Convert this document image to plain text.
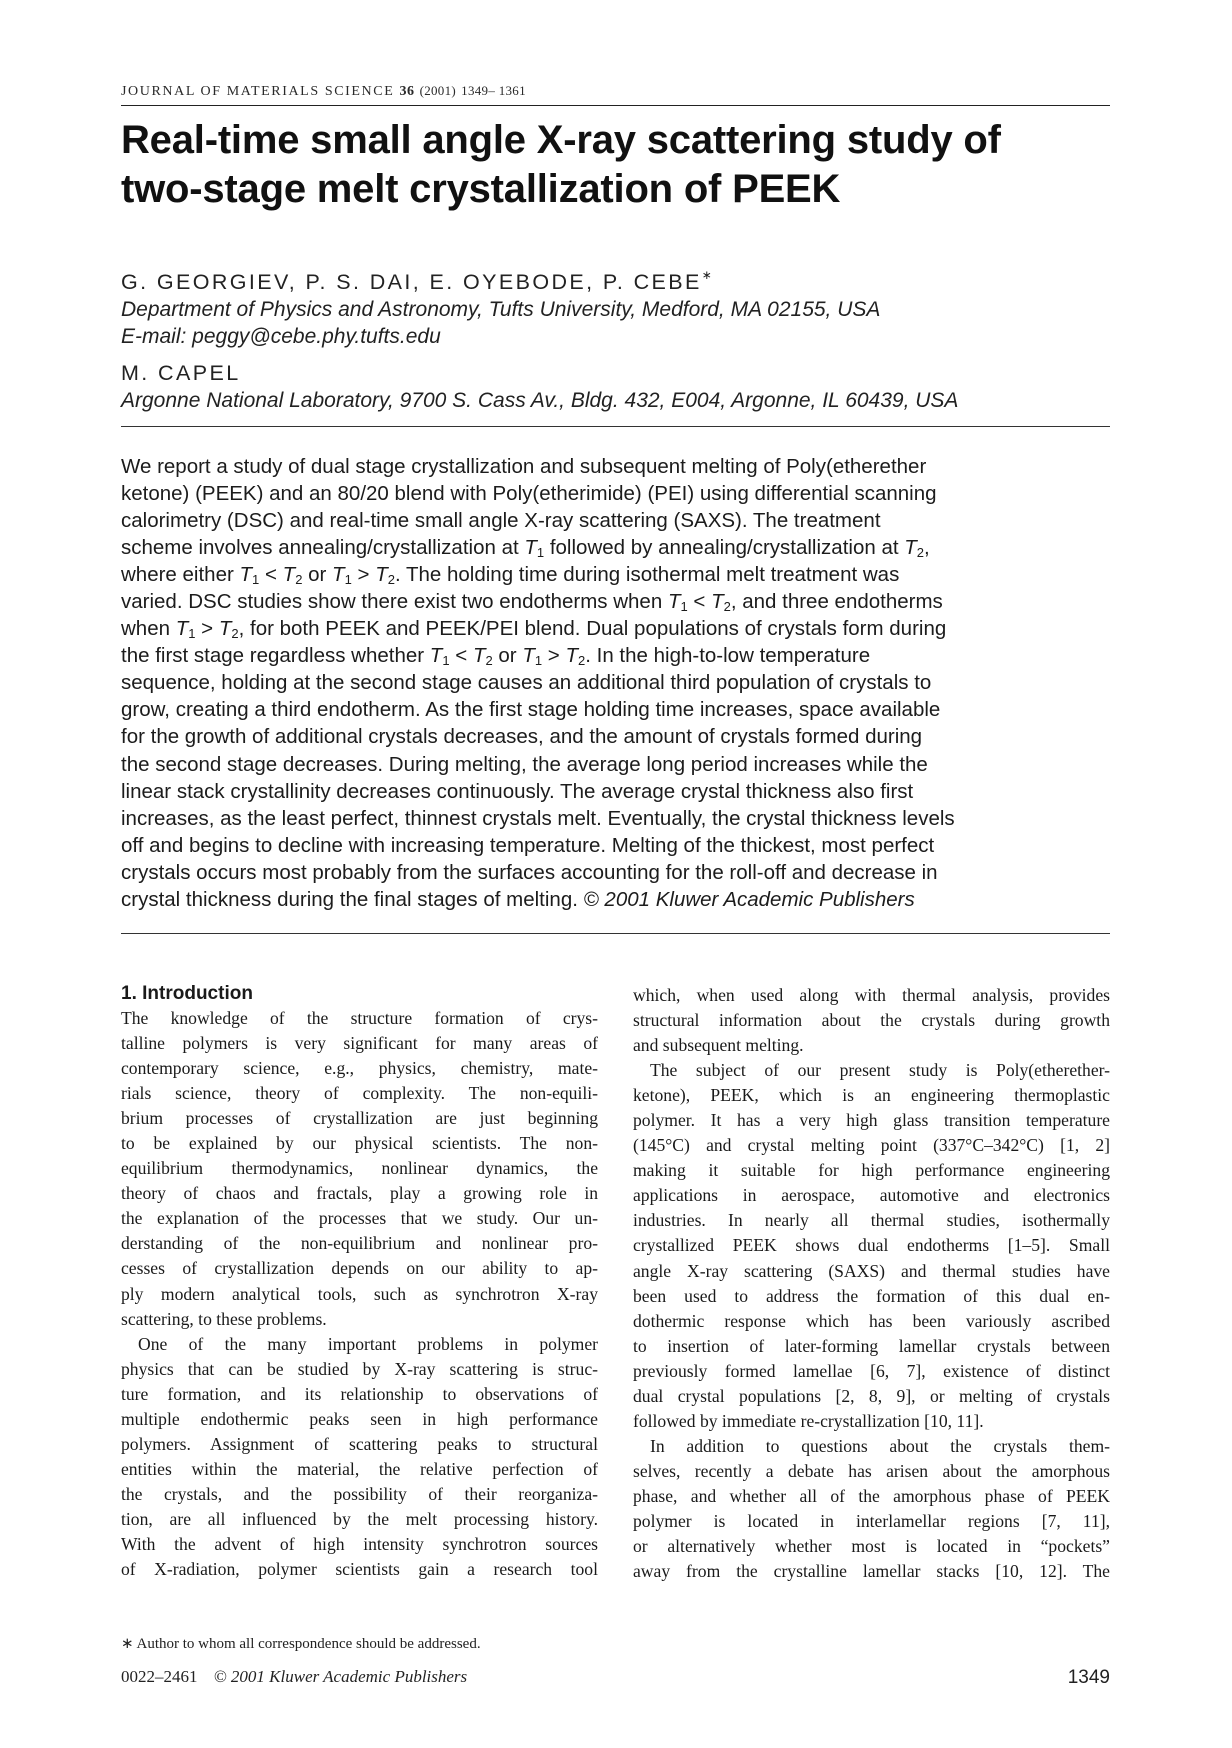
JOURNAL OF MATERIALS SCIENCE 36 (2001) 1349– 1361
Real-time small angle X-ray scattering study of
two-stage melt crystallization of PEEK
G. GEORGIEV, P. S. DAI, E. OYEBODE, P. CEBE∗
Department of Physics and Astronomy, Tufts University, Medford, MA 02155, USA
E-mail: peggy@cebe.phy.tufts.edu
M. CAPEL
Argonne National Laboratory, 9700 S. Cass Av., Bldg. 432, E004, Argonne, IL 60439, USA
We report a study of dual stage crystallization and subsequent melting of Poly(etherether
ketone) (PEEK) and an 80/20 blend with Poly(etherimide) (PEI) using differential scanning
calorimetry (DSC) and real-time small angle X-ray scattering (SAXS). The treatment
scheme involves annealing/crystallization at $T_1$ followed by annealing/crystallization at $T_2$,
where either $T_1 < T_2$ or $T_1 > T_2$. The holding time during isothermal melt treatment was
varied. DSC studies show there exist two endotherms when $T_1 < T_2$, and three endotherms
when $T_1 > T_2$, for both PEEK and PEEK/PEI blend. Dual populations of crystals form during
the first stage regardless whether $T_1 < T_2$ or $T_1 > T_2$. In the high-to-low temperature
sequence, holding at the second stage causes an additional third population of crystals to
grow, creating a third endotherm. As the first stage holding time increases, space available
for the growth of additional crystals decreases, and the amount of crystals formed during
the second stage decreases. During melting, the average long period increases while the
linear stack crystallinity decreases continuously. The average crystal thickness also first
increases, as the least perfect, thinnest crystals melt. Eventually, the crystal thickness levels
off and begins to decline with increasing temperature. Melting of the thickest, most perfect
crystals occurs most probably from the surfaces accounting for the roll-off and decrease in
crystal thickness during the final stages of melting. © 2001 Kluwer Academic Publishers
1. Introduction
The knowledge of the structure formation of crys-
talline polymers is very significant for many areas of
contemporary science, e.g., physics, chemistry, mate-
rials science, theory of complexity. The non-equili-
brium processes of crystallization are just beginning
to be explained by our physical scientists. The non-
equilibrium thermodynamics, nonlinear dynamics, the
theory of chaos and fractals, play a growing role in
the explanation of the processes that we study. Our un-
derstanding of the non-equilibrium and nonlinear pro-
cesses of crystallization depends on our ability to ap-
ply modern analytical tools, such as synchrotron X-ray
scattering, to these problems.
One of the many important problems in polymer
physics that can be studied by X-ray scattering is struc-
ture formation, and its relationship to observations of
multiple endothermic peaks seen in high performance
polymers. Assignment of scattering peaks to structural
entities within the material, the relative perfection of
the crystals, and the possibility of their reorganiza-
tion, are all influenced by the melt processing history.
With the advent of high intensity synchrotron sources
of X-radiation, polymer scientists gain a research tool
which, when used along with thermal analysis, provides
structural information about the crystals during growth
and subsequent melting.
The subject of our present study is Poly(etherether-
ketone), PEEK, which is an engineering thermoplastic
polymer. It has a very high glass transition temperature
(145°C) and crystal melting point (337°C–342°C) [1, 2]
making it suitable for high performance engineering
applications in aerospace, automotive and electronics
industries. In nearly all thermal studies, isothermally
crystallized PEEK shows dual endotherms [1–5]. Small
angle X-ray scattering (SAXS) and thermal studies have
been used to address the formation of this dual en-
dothermic response which has been variously ascribed
to insertion of later-forming lamellar crystals between
previously formed lamellae [6, 7], existence of distinct
dual crystal populations [2, 8, 9], or melting of crystals
followed by immediate re-crystallization [10, 11].
In addition to questions about the crystals them-
selves, recently a debate has arisen about the amorphous
phase, and whether all of the amorphous phase of PEEK
polymer is located in interlamellar regions [7, 11],
or alternatively whether most is located in “pockets”
away from the crystalline lamellar stacks [10, 12]. The
∗ Author to whom all correspondence should be addressed.
0022–2461 © 2001 Kluwer Academic Publishers	1349
